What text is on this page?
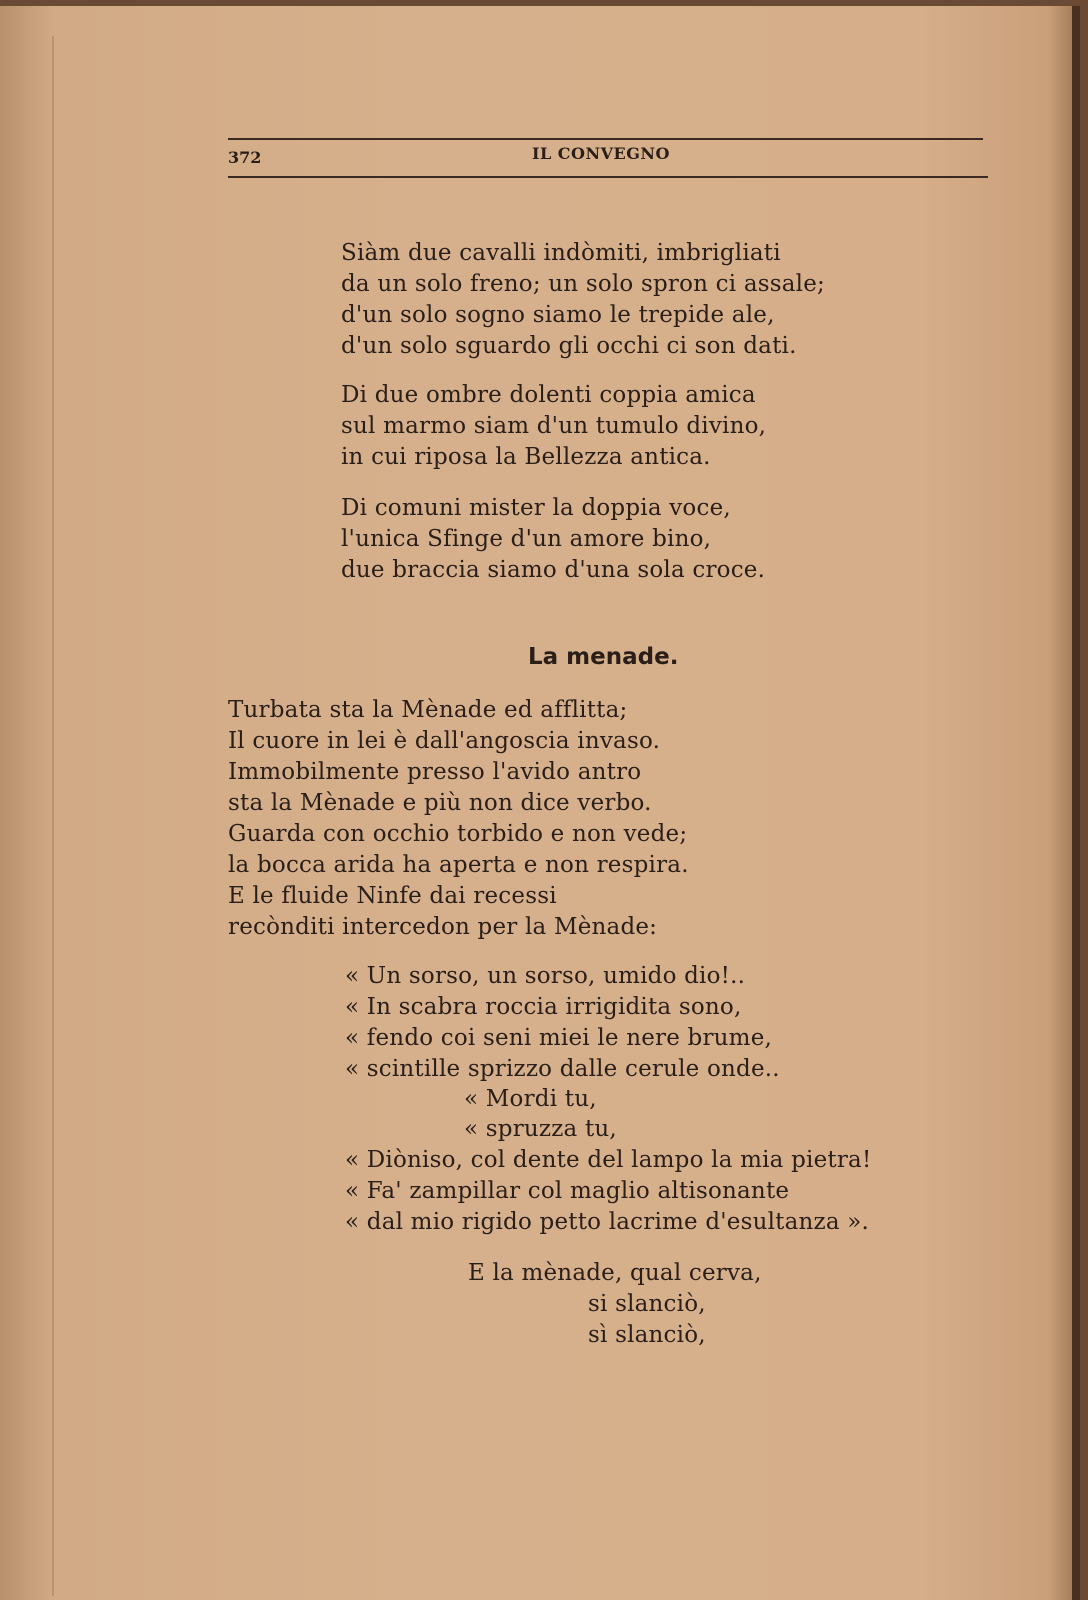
372	IL CONVEGNO
Siàm due cavalli indòmiti, imbrigliati
da un solo freno; un solo spron ci assale;
d'un solo sogno siamo le trepide ale,
d'un solo sguardo gli occhi ci son dati.
Di due ombre dolenti coppia amica
sul marmo siam d'un tumulo divino,
in cui riposa la Bellezza antica.
Di comuni mister la doppia voce,
l'unica Sfinge d'un amore bino,
due braccia siamo d'una sola croce.
La menade.
Turbata sta la Mènade ed afflitta;
Il cuore in lei è dall'angoscia invaso.
Immobilmente presso l'avido antro
sta la Mènade e più non dice verbo.
Guarda con occhio torbido e non vede;
la bocca arida ha aperta e non respira.
E le fluide Ninfe dai recessi
recònditi intercedon per la Mènade:
« Un sorso, un sorso, umido dio!..
« In scabra roccia irrigidita sono,
« fendo coi seni miei le nere brume,
« scintille sprizzo dalle cerule onde..
« Mordi tu,
« spruzza tu,
« Diòniso, col dente del lampo la mia pietra!
« Fa' zampillar col maglio altisonante
« dal mio rigido petto lacrime d'esultanza ».
E la mènade, qual cerva,
si slanciò,
sì slanciò,
